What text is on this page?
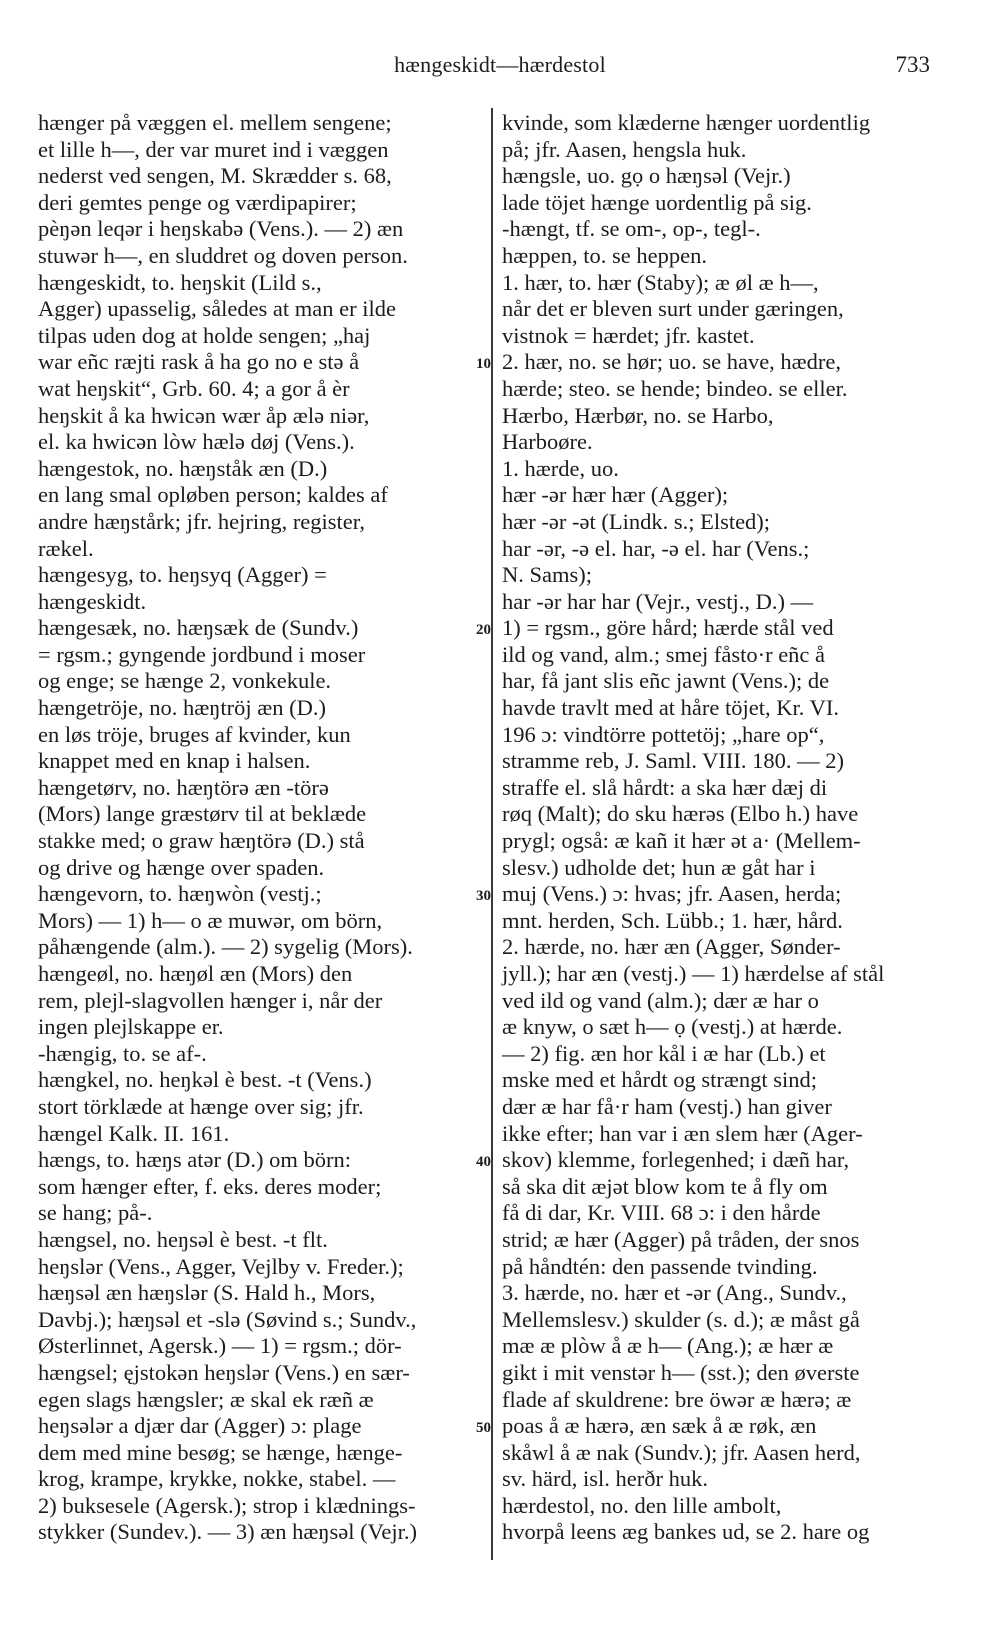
hængeskidt—hærdestol	733
hænger på væggen el. mellem sengene;
et lille h—, der var muret ind i væggen
nederst ved sengen, M. Skrædder s. 68,
deri gemtes penge og værdipapirer;
pèŋən leqər i heŋskabə (Vens.). — 2) æn
stuwər h—, en sluddret og doven person.
hængeskidt, to. heŋskit (Lild s.,
Agger) upasselig, således at man er ilde
tilpas uden dog at holde sengen; „haj
war eñc ræjti rask å ha go no e stə å
wat heŋskit“, Grb. 60. 4; a gor å èr
heŋskit å ka hwicən wær åp ælə niər,
el. ka hwicən lòw hælə døj (Vens.).
hængestok, no. hæŋståk æn (D.)
en lang smal opløben person; kaldes af
andre hæŋstårk; jfr. hejring, register,
rækel.
hængesyg, to. heŋsyq (Agger) =
hængeskidt.
hængesæk, no. hæŋsæk de (Sundv.)
= rgsm.; gyngende jordbund i moser
og enge; se hænge 2, vonkekule.
hængetröje, no. hæŋtröj æn (D.)
en løs tröje, bruges af kvinder, kun
knappet med en knap i halsen.
hængetørv, no. hæŋtörə æn -törə
(Mors) lange græstørv til at beklæde
stakke med; o graw hæŋtörə (D.) stå
og drive og hænge over spaden.
hængevorn, to. hæŋwòn (vestj.;
Mors) — 1) h— o æ muwər, om börn,
påhængende (alm.). — 2) sygelig (Mors).
hængeøl, no. hæŋøl æn (Mors) den
rem, plejl-slagvollen hænger i, når der
ingen plejlskappe er.
-hængig, to. se af-.
hængkel, no. heŋkəl è best. -t (Vens.)
stort törklæde at hænge over sig; jfr.
hængel Kalk. II. 161.
hængs, to. hæŋs atər (D.) om börn:
som hænger efter, f. eks. deres moder;
se hang; på-.
hængsel, no. heŋsəl è best. -t flt.
heŋslər (Vens., Agger, Vejlby v. Freder.);
hæŋsəl æn hæŋslər (S. Hald h., Mors,
Davbj.); hæŋsəl et -slə (Søvind s.; Sundv.,
Østerlinnet, Agersk.) — 1) = rgsm.; dör-
hængsel; ęjstokən heŋslər (Vens.) en sær-
egen slags hængsler; æ skal ek ræñ æ
heŋsələr a djær dar (Agger) ɔ: plage
dem med mine besøg; se hænge, hænge-
krog, krampe, krykke, nokke, stabel. —
2) buksesele (Agersk.); strop i klædnings-
stykker (Sundev.). — 3) æn hæŋsəl (Vejr.)
kvinde, som klæderne hænger uordentlig
på; jfr. Aasen, hengsla huk.
hængsle, uo. gọ o hæŋsəl (Vejr.)
lade töjet hænge uordentlig på sig.
-hængt, tf. se om-, op-, tegl-.
hæppen, to. se heppen.
1. hær, to. hær (Staby); æ øl æ h—,
når det er bleven surt under gæringen,
vistnok = hærdet; jfr. kastet.
2. hær, no. se hør; uo. se have, hædre,
hærde; steo. se hende; bindeo. se eller.
Hærbo, Hærbør, no. se Harbo,
Harboøre.
1. hærde, uo.
hær -ər hær hær (Agger);
hær -ər -ət (Lindk. s.; Elsted);
har -ər, -ə el. har, -ə el. har (Vens.;
N. Sams);
har -ər har har (Vejr., vestj., D.) —
1) = rgsm., göre hård; hærde stål ved
ild og vand, alm.; smej fåsto·r eñc å
har, få jant slis eñc jawnt (Vens.); de
havde travlt med at håre töjet, Kr. VI.
196 ɔ: vindtörre pottetöj; „hare op“,
stramme reb, J. Saml. VIII. 180. — 2)
straffe el. slå hårdt: a ska hær dæj di
røq (Malt); do sku hærəs (Elbo h.) have
prygl; også: æ kañ it hær ət a· (Mellem-
slesv.) udholde det; hun æ gåt har i
muj (Vens.) ɔ: hvas; jfr. Aasen, herda;
mnt. herden, Sch. Lübb.; 1. hær, hård.
2. hærde, no. hær æn (Agger, Sønder-
jyll.); har æn (vestj.) — 1) hærdelse af stål
ved ild og vand (alm.); dær æ har o
æ knyw, o sæt h— ọ (vestj.) at hærde.
— 2) fig. æn hor kål i æ har (Lb.) et
mske med et hårdt og strængt sind;
dær æ har få·r ham (vestj.) han giver
ikke efter; han var i æn slem hær (Ager-
skov) klemme, forlegenhed; i dæñ har,
så ska dit æjət blow kom te å fly om
få di dar, Kr. VIII. 68 ɔ: i den hårde
strid; æ hær (Agger) på tråden, der snos
på håndtén: den passende tvinding.
3. hærde, no. hær et -ər (Ang., Sundv.,
Mellemslesv.) skulder (s. d.); æ måst gå
mæ æ plòw å æ h— (Ang.); æ hær æ
gikt i mit venstər h— (sst.); den øverste
flade af skuldrene: bre öwər æ hærə; æ
poas å æ hærə, æn sæk å æ røk, æn
skåwl å æ nak (Sundv.); jfr. Aasen herd,
sv. härd, isl. herðr huk.
hærdestol, no. den lille ambolt,
hvorpå leens æg bankes ud, se 2. hare og
10
20
30
40
50
